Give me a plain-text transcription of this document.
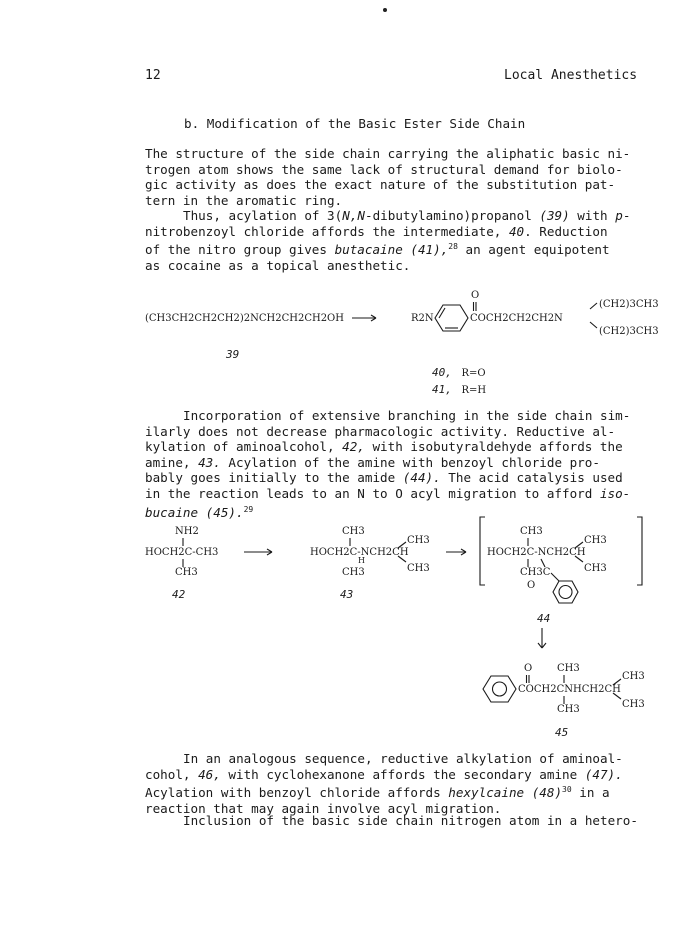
12	Local Anesthetics
b. Modification of the Basic Ester Side Chain

The structure of the side chain carrying the aliphatic basic ni-

trogen atom shows the same lack of structural demand for biolo-

gic activity as does the exact nature of the substitution pat-

tern in the aromatic ring.

Thus, acylation of 3(N,N-dibutylamino)propanol (39) with p-

nitrobenzoyl chloride affords the intermediate, 40. Reduction

of the nitro group gives butacaine (41),$^{28}$ an agent equipotent

as cocaine as a topical anesthetic.

(CH3CH2CH2CH2)2NCH2CH2CH2OH
39
R2N
O
COCH2CH2CH2N
(CH2)3CH3
(CH2)3CH3
40, R=O
41, R=H

Incorporation of extensive branching in the side chain sim-

ilarly does not decrease pharmacologic activity. Reductive al-

kylation of aminoalcohol, 42, with isobutyraldehyde affords the

amine, 43. Acylation of the amine with benzoyl chloride pro-

bably goes initially to the amide (44). The acid catalysis used

in the reaction leads to an N to O acyl migration to afford iso-

bucaine (45).$^{29}$

NH2
HOCH2C-CH3
CH3
42
CH3
HOCH2C-NCH2CH
H
CH3
CH3
CH3
43
CH3
HOCH2C-NCH2CH
CH3C
O
CH3
CH3
44
O CH3
COCH2CNHCH2CH
CH3
CH3
CH3
45

In an analogous sequence, reductive alkylation of aminoal-

cohol, 46, with cyclohexanone affords the secondary amine (47).

Acylation with benzoyl chloride affords hexylcaine $(48)^{30}$ in a

reaction that may again involve acyl migration.

Inclusion of the basic side chain nitrogen atom in a hetero-
